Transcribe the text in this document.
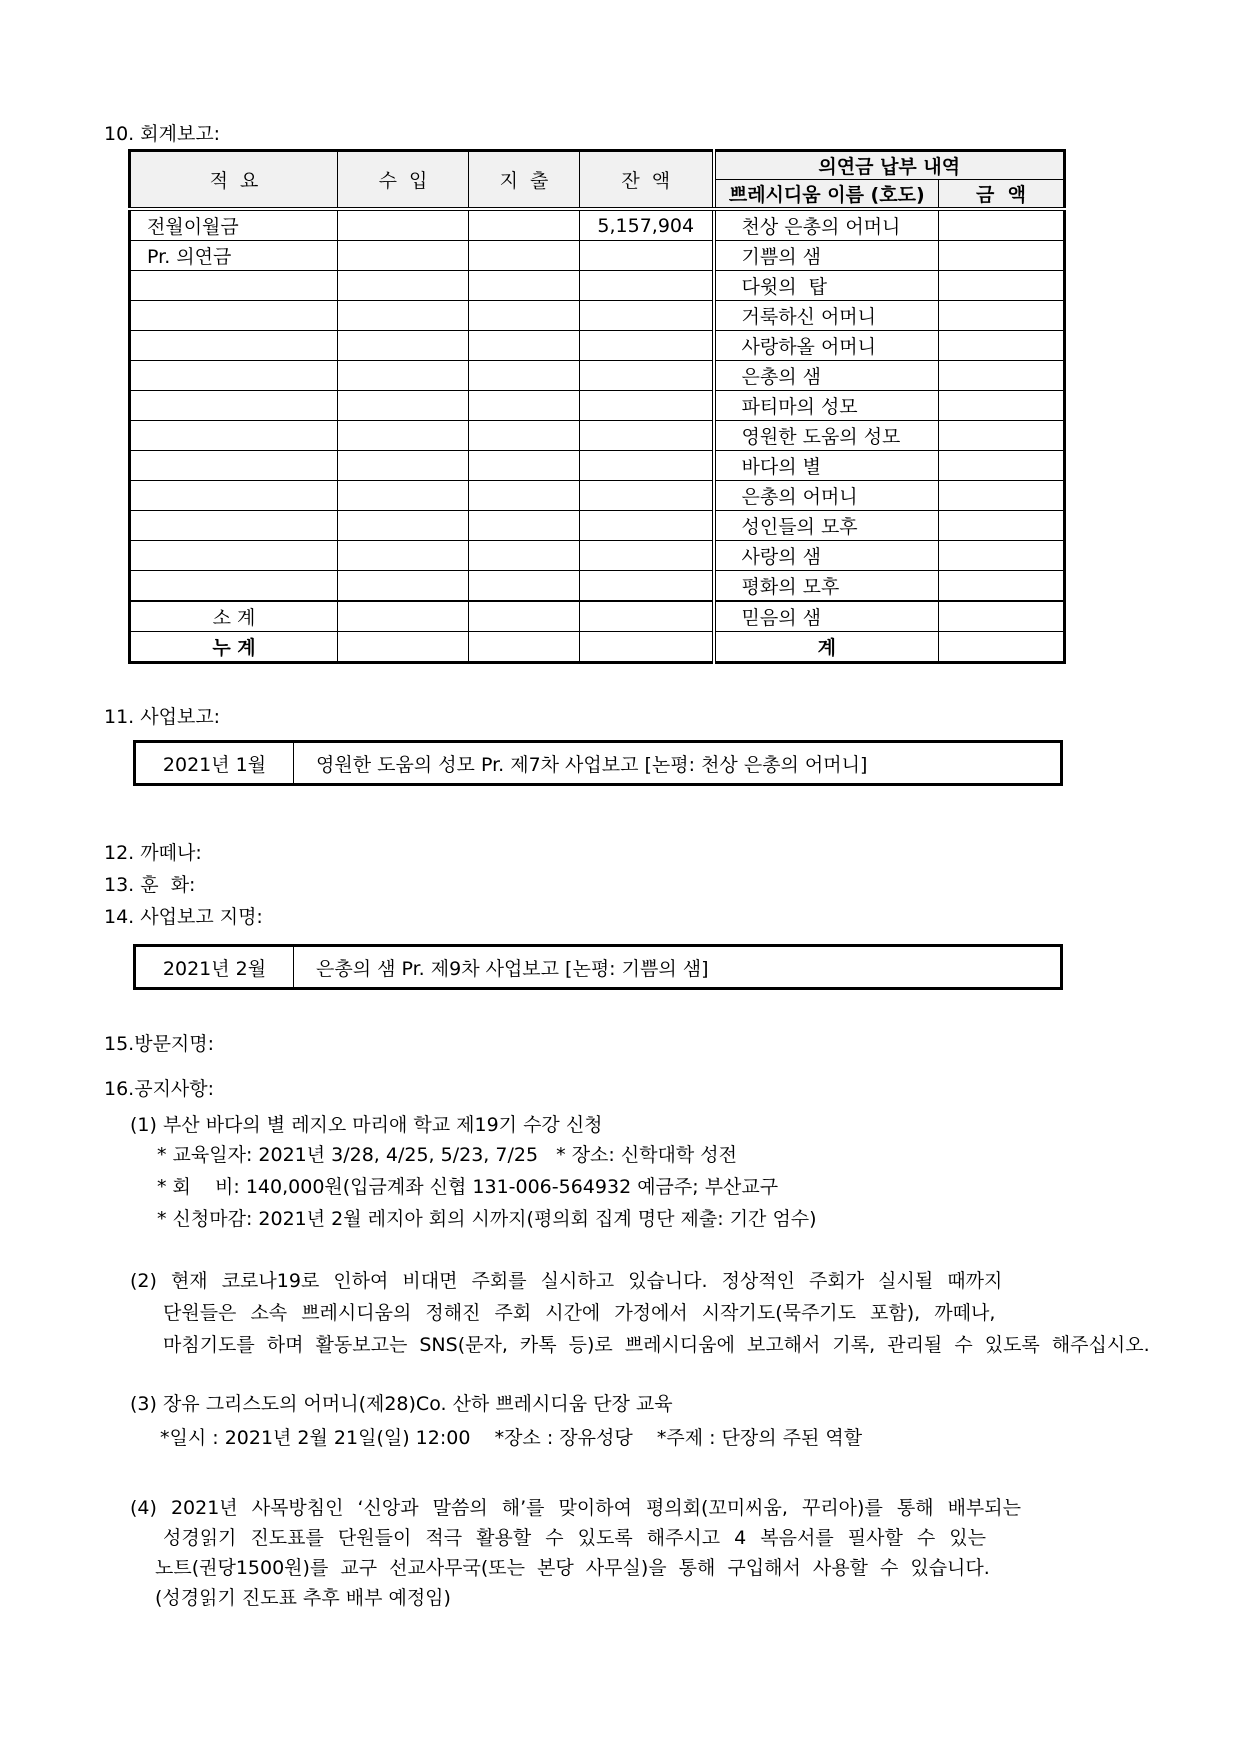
10. 회계보고:
적  요	수  입	지  출	잔  액	의연금 납부 내역	
				쁘레시디움 이름 (호도)	금  액
전월이월금			5,157,904	천상 은총의 어머니	
Pr. 의연금				기쁨의 샘	
				다윗의  탑	
				거룩하신 어머니	
				사랑하올 어머니	
				은총의 샘	
				파티마의 성모	
				영원한 도움의 성모	
				바다의 별	
				은총의 어머니	
				성인들의 모후	
				사랑의 샘	
				평화의 모후	
소 계				믿음의 샘	
누 계				계	
11. 사업보고:
2021년 1월	영원한 도움의 성모 Pr. 제7차 사업보고 [논평: 천상 은총의 어머니]
12. 까떼나:
13. 훈  화:
14. 사업보고 지명:
2021년 2월	은총의 샘 Pr. 제9차 사업보고 [논평: 기쁨의 샘]
15.방문지명:
16.공지사항:
(1) 부산 바다의 별 레지오 마리애 학교 제19기 수강 신청
* 교육일자: 2021년 3/28, 4/25, 5/23, 7/25   * 장소: 신학대학 성전
* 회    비: 140,000원(입금계좌 신협 131-006-564932 예금주; 부산교구
* 신청마감: 2021년 2월 레지아 회의 시까지(평의회 집계 명단 제출: 기간 엄수)
(2) 현재 코로나19로 인하여 비대면 주회를 실시하고 있습니다. 정상적인 주회가 실시될 때까지
단원들은 소속 쁘레시디움의 정해진 주회 시간에 가정에서 시작기도(묵주기도 포함), 까떼나,
마침기도를 하며 활동보고는 SNS(문자, 카톡 등)로 쁘레시디움에 보고해서 기록, 관리될 수 있도록 해주십시오.
(3) 장유 그리스도의 어머니(제28)Co. 산하 쁘레시디움 단장 교육
*일시 : 2021년 2월 21일(일) 12:00    *장소 : 장유성당    *주제 : 단장의 주된 역할
(4) 2021년 사목방침인 ‘신앙과 말씀의 해’를 맞이하여 평의회(꼬미씨움, 꾸리아)를 통해 배부되는
성경읽기 진도표를 단원들이 적극 활용할 수 있도록 해주시고 4 복음서를 필사할 수 있는
노트(권당1500원)를 교구 선교사무국(또는 본당 사무실)을 통해 구입해서 사용할 수 있습니다.
(성경읽기 진도표 추후 배부 예정임)
